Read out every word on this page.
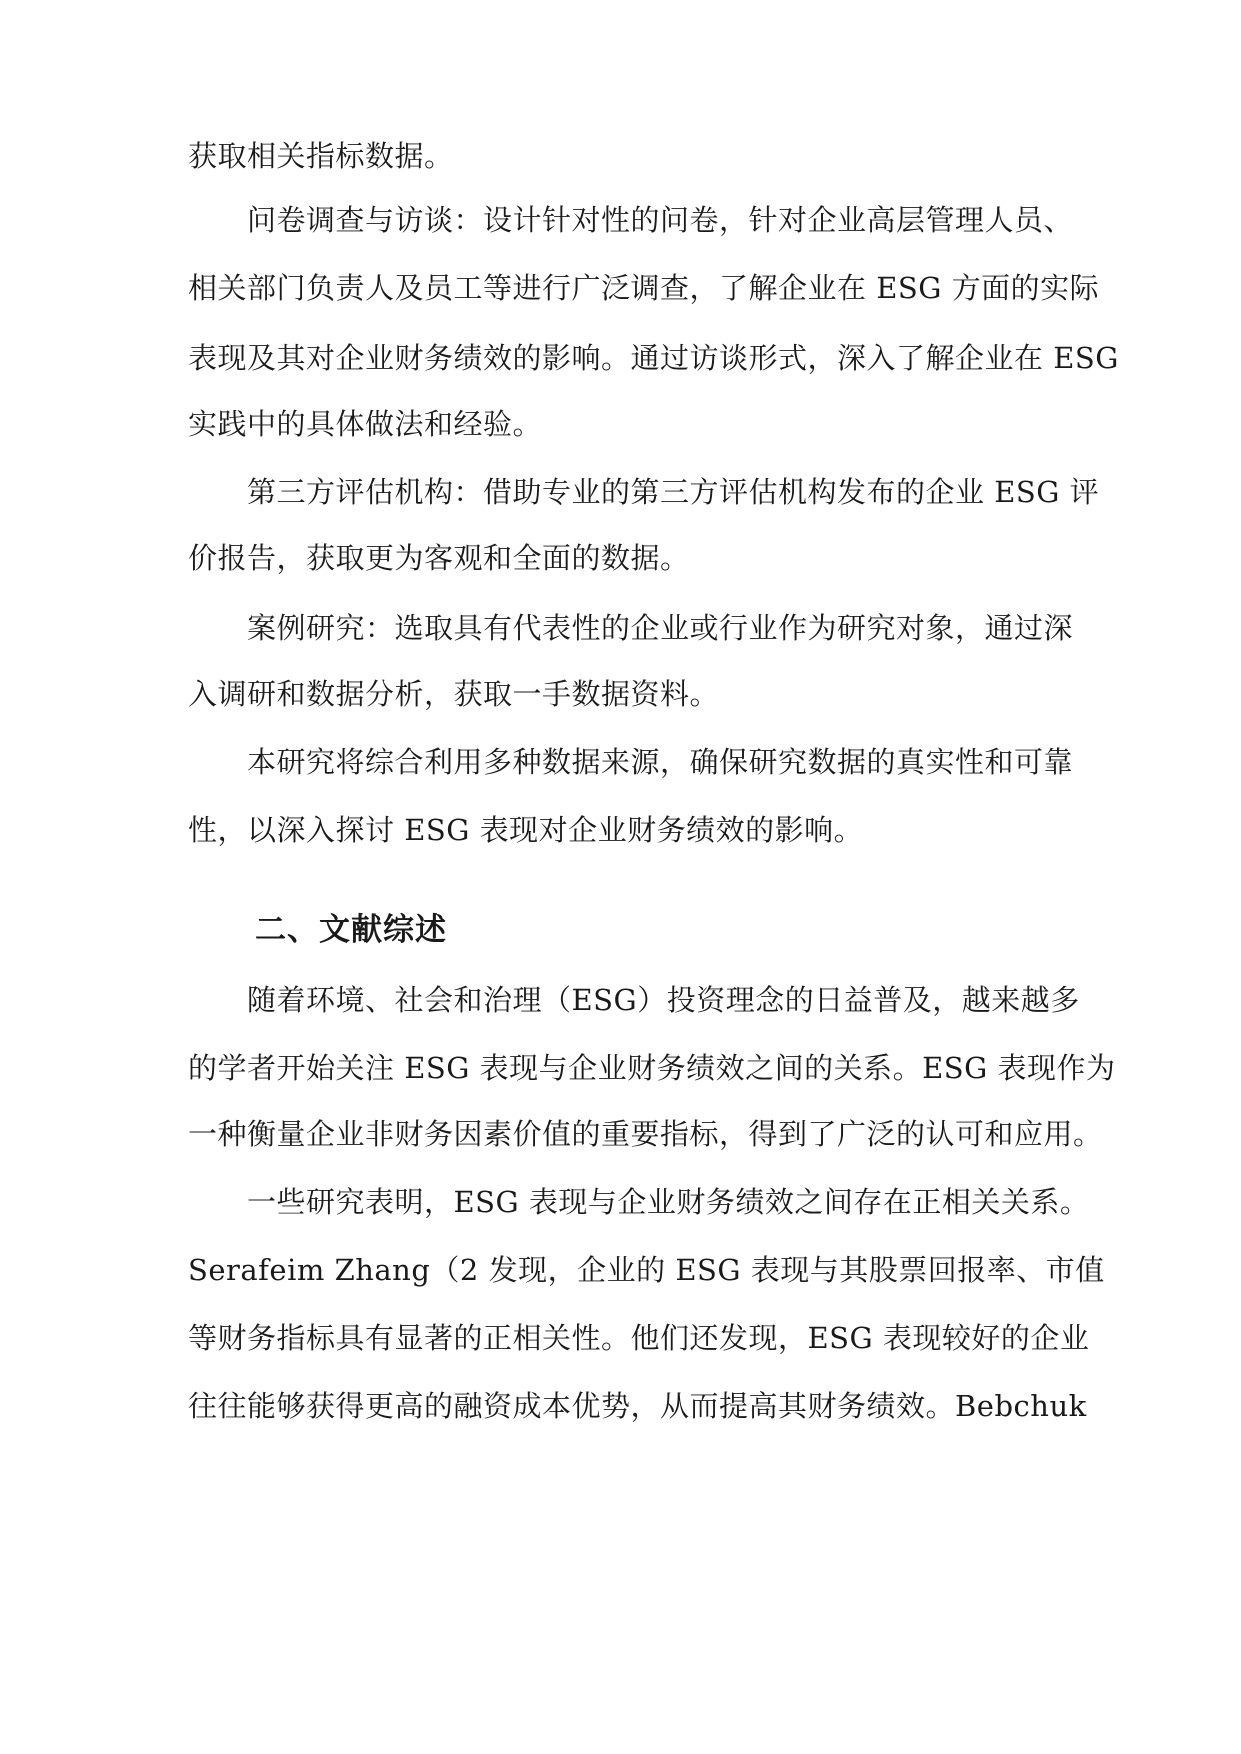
获取相关指标数据。
问卷调查与访谈：设计针对性的问卷，针对企业高层管理人员、
相关部门负责人及员工等进行广泛调查，了解企业在 ESG 方面的实际
表现及其对企业财务绩效的影响。通过访谈形式，深入了解企业在 ESG
实践中的具体做法和经验。
第三方评估机构：借助专业的第三方评估机构发布的企业 ESG 评
价报告，获取更为客观和全面的数据。
案例研究：选取具有代表性的企业或行业作为研究对象，通过深
入调研和数据分析，获取一手数据资料。
本研究将综合利用多种数据来源，确保研究数据的真实性和可靠
性，以深入探讨 ESG 表现对企业财务绩效的影响。
二、文献综述
随着环境、社会和治理（ESG）投资理念的日益普及，越来越多
的学者开始关注 ESG 表现与企业财务绩效之间的关系。ESG 表现作为
一种衡量企业非财务因素价值的重要指标，得到了广泛的认可和应用。
一些研究表明，ESG 表现与企业财务绩效之间存在正相关关系。
Serafeim Zhang（2 发现，企业的 ESG 表现与其股票回报率、市值
等财务指标具有显著的正相关性。他们还发现，ESG 表现较好的企业
往往能够获得更高的融资成本优势，从而提高其财务绩效。Bebchuk
